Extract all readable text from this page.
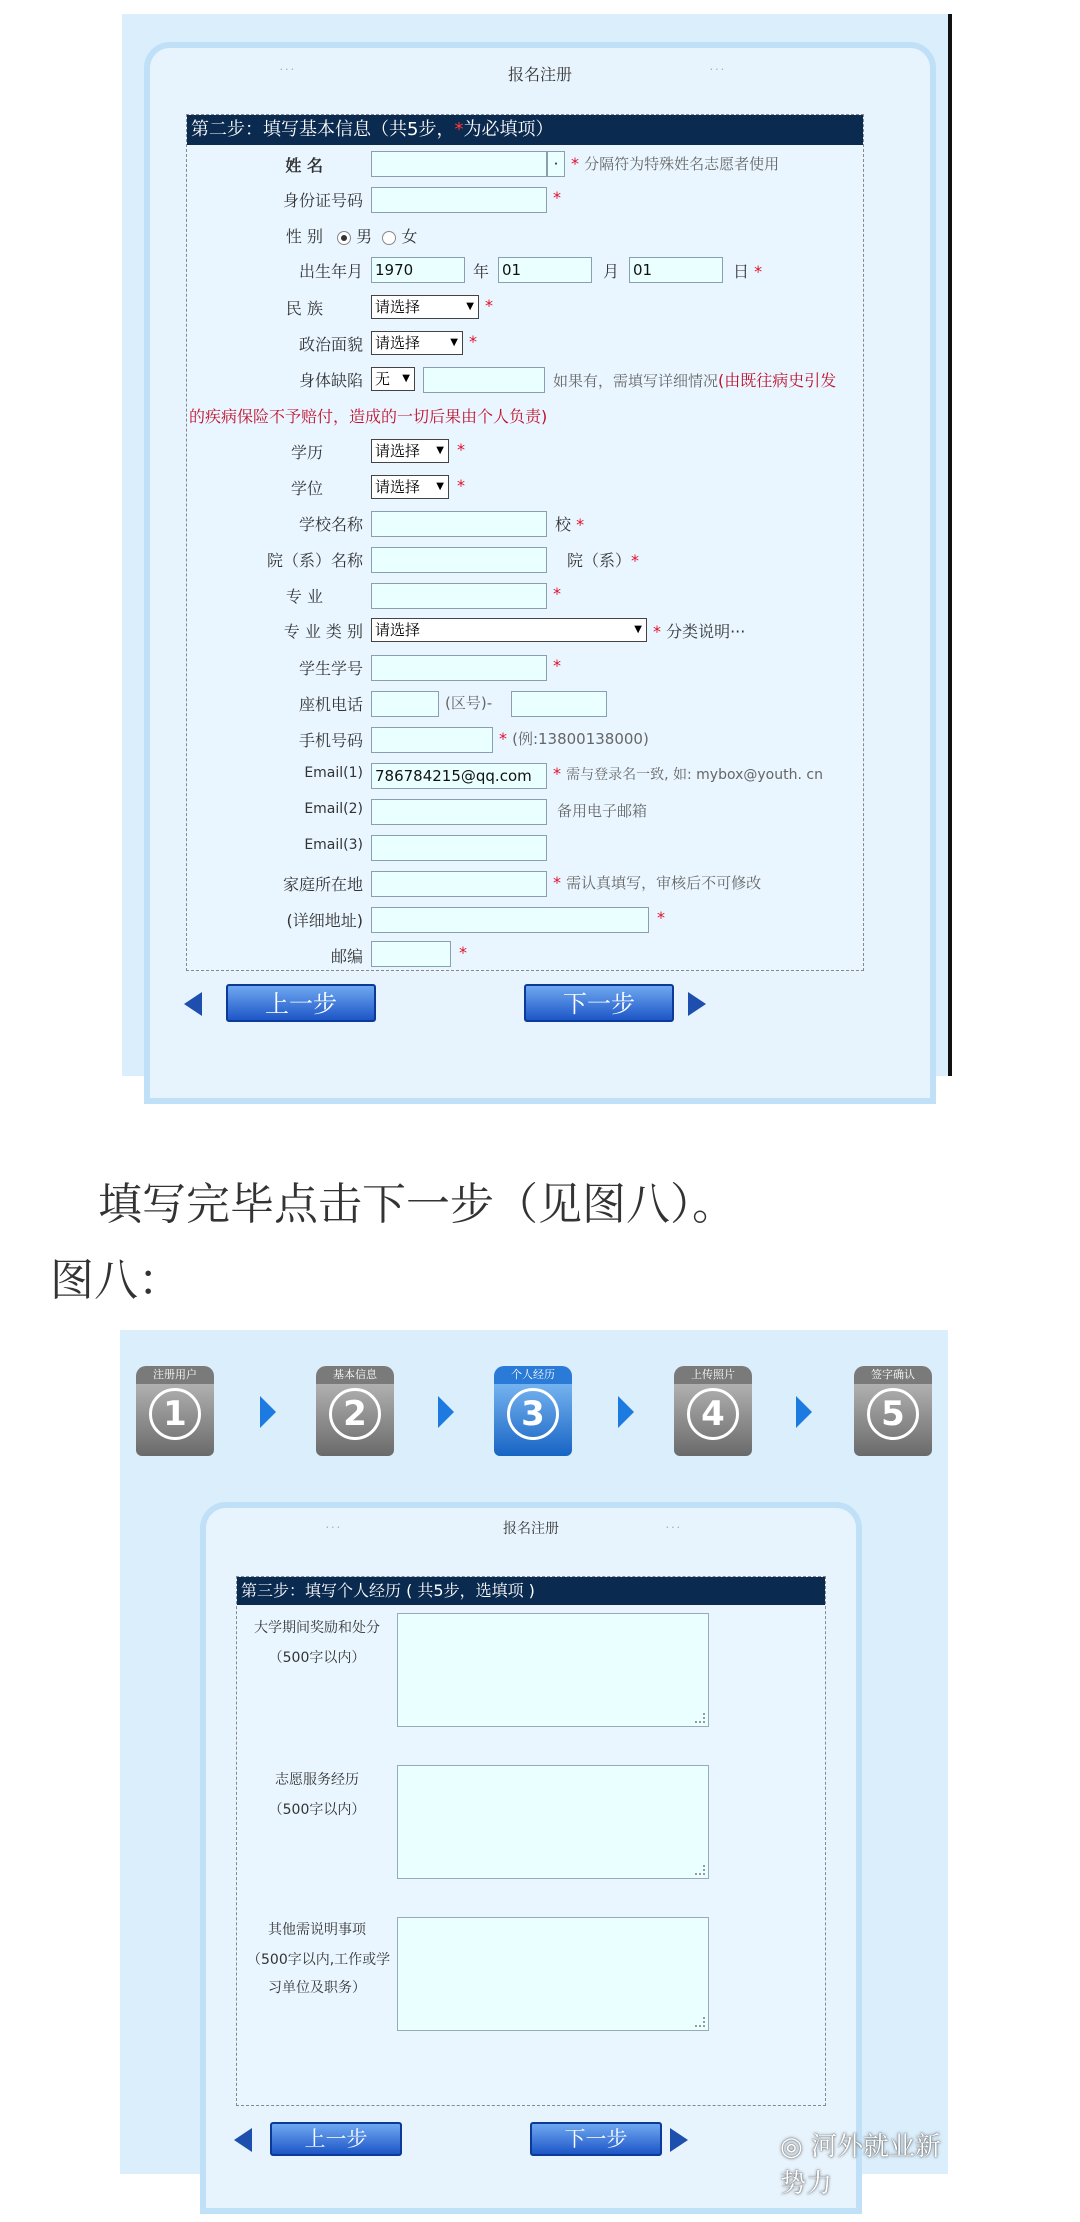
...	报名注册	...
第二步：填写基本信息（共5步，*为必填项）
姓 名	· * 分隔符为特殊姓名志愿者使用
身份证号码	*
性 别	男 女
出生年月 1970	年 01	月 01	日 *
民 族	请选择	▼ *
政治面貌 请选择	▼ *
身体缺陷 无 ▼	如果有，需填写详细情况(由既往病史引发
的疾病保险不予赔付，造成的一切后果由个人负责)
学历	请选择 ▼ *
学位	请选择 ▼ *
学校名称	校 *
院（系）名称	院（系）*
专 业	*
专 业 类 别 请选择	▼ * 分类说明···
学生学号	*
座机电话	(区号)-
手机号码	* (例:13800138000)
Email(1) 786784215@qq.com	* 需与登录名一致, 如: mybox@youth. cn
Email(2)	备用电子邮箱
Email(3)
家庭所在地	* 需认真填写，审核后不可修改
(详细地址)	*
邮编	*
上一步	下一步
填写完毕点击下一步（见图八）。
图八：
注册用户
1
基本信息
2
个人经历
3
上传照片
4
签字确认
5
...	报名注册	...
第三步：填写个人经历 ( 共5步，选填项 )
大学期间奖励和处分
（500字以内）
志愿服务经历
（500字以内）
其他需说明事项
（500字以内,工作或学
习单位及职务）
上一步	下一步	◎ 河外就业新势力
